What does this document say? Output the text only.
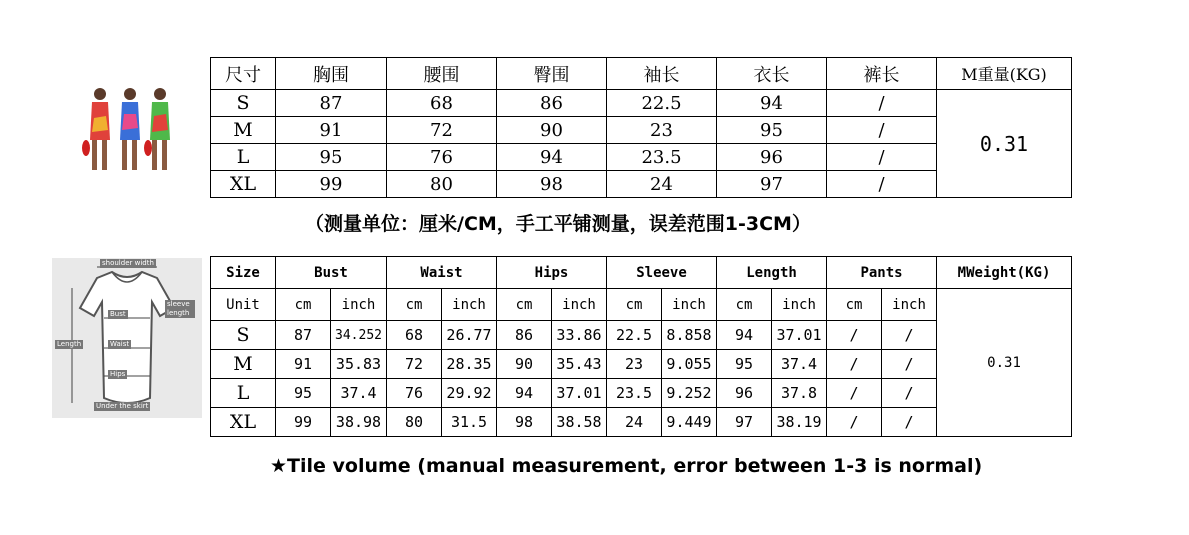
shoulder width
sleeve length
Bust
Length	Waist
Hips
Under the skirt
尺寸	胸围	腰围	臀围	袖长	衣长	裤长	M重量(KG)
S	87	68	86	22.5	94	/	0.31
M	91	72	90	23	95	/	
L	95	76	94	23.5	96	/	
XL	99	80	98	24	97	/	
（测量单位：厘米/CM，手工平铺测量，误差范围1-3CM）
Size	Bust		Waist		Hips		Sleeve		Length		Pants		MWeight(KG)
Unit	cm	inch	cm	inch	cm	inch	cm	inch	cm	inch	cm	inch	0.31
S	87	34.252	68	26.77	86	33.86	22.5	8.858	94	37.01	/	/	
M	91	35.83	72	28.35	90	35.43	23	9.055	95	37.4	/	/	
L	95	37.4	76	29.92	94	37.01	23.5	9.252	96	37.8	/	/	
XL	99	38.98	80	31.5	98	38.58	24	9.449	97	38.19	/	/	
★Tile volume (manual measurement, error between 1-3 is normal)
